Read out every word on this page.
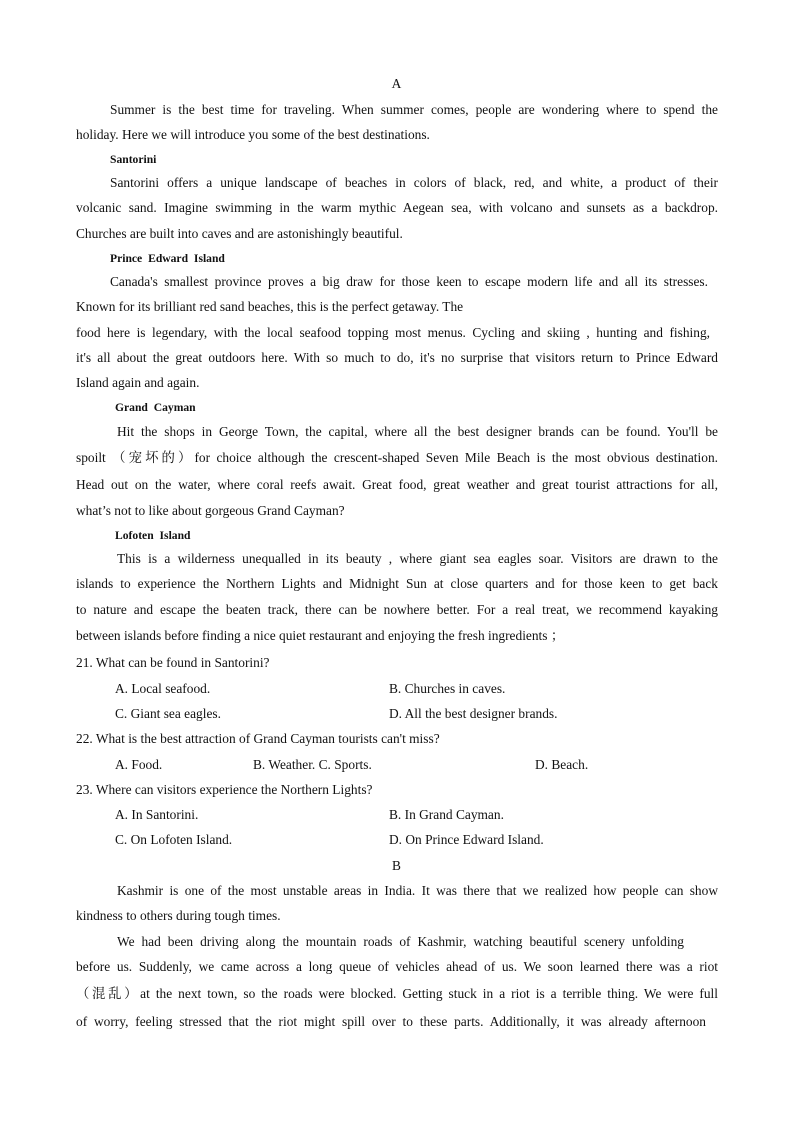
A
Summer is the best time for traveling. When summer comes, people are wondering where to spend the
holiday. Here we will introduce you some of the best destinations.
Santorini
Santorini offers a unique landscape of beaches in colors of black, red, and white, a product of their
volcanic sand. Imagine swimming in the warm mythic Aegean sea, with volcano and sunsets as a backdrop.
Churches are built into caves and are astonishingly beautiful.
Prince Edward Island
Canada's smallest province proves a big draw for those keen to escape modern life and all its stresses.
Known for its brilliant red sand beaches, this is the perfect getaway. The
food here is legendary, with the local seafood topping most menus. Cycling and skiing , hunting and fishing,
it's all about the great outdoors here. With so much to do, it's no surprise that visitors return to Prince Edward
Island again and again.
Grand Cayman
Hit the shops in George Town, the capital, where all the best designer brands can be found. You'll be
spoilt （宠坏的）for choice although the crescent-shaped Seven Mile Beach is the most obvious destination.
Head out on the water, where coral reefs await. Great food, great weather and great tourist attractions for all,
what’s not to like about gorgeous Grand Cayman?
Lofoten Island
This is a wilderness unequalled in its beauty , where giant sea eagles soar. Visitors are drawn to the
islands to experience the Northern Lights and Midnight Sun at close quarters and for those keen to get back
to nature and escape the beaten track, there can be nowhere better. For a real treat, we recommend kayaking
between islands before finding a nice quiet restaurant and enjoying the fresh ingredients ；
21. What can be found in Santorini?
A. Local seafood.	B. Churches in caves.
C. Giant sea eagles.	D. All the best designer brands.
22. What is the best attraction of Grand Cayman tourists can't miss?
A. Food.	B. Weather. C. Sports.	D. Beach.
23. Where can visitors experience the Northern Lights?
A. In Santorini.	B. In Grand Cayman.
C. On Lofoten Island.	D. On Prince Edward Island.
B
Kashmir is one of the most unstable areas in India. It was there that we realized how people can show
kindness to others during tough times.
We had been driving along the mountain roads of Kashmir, watching beautiful scenery unfolding
before us. Suddenly, we came across a long queue of vehicles ahead of us. We soon learned there was a riot
（混乱）at the next town, so the roads were blocked. Getting stuck in a riot is a terrible thing. We were full
of worry, feeling stressed that the riot might spill over to these parts. Additionally, it was already afternoon
